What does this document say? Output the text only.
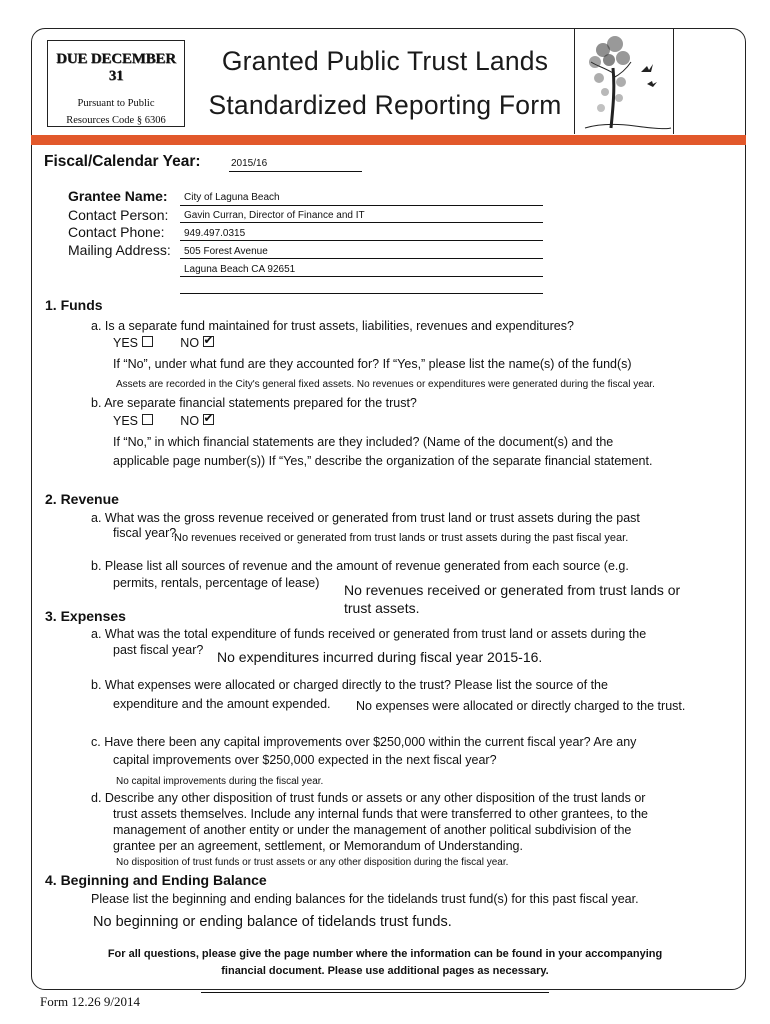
DUE DECEMBER 31
Pursuant to Public
Resources Code § 6306
Granted Public Trust Lands
Standardized Reporting Form
Fiscal/Calendar Year:	2015/16
Grantee Name: City of Laguna Beach
Contact Person: Gavin Curran, Director of Finance and IT
Contact Phone: 949.497.0315
Mailing Address: 505 Forest Avenue
Laguna Beach CA 92651
1. Funds
a. Is a separate fund maintained for trust assets, liabilities, revenues and expenditures?
YES	NO ✔
If “No”, under what fund are they accounted for? If “Yes,” please list the name(s) of the fund(s)
Assets are recorded in the City's general fixed assets. No revenues or expenditures were generated during the fiscal year.
b. Are separate financial statements prepared for the trust?
YES	NO ✔
If “No,” in which financial statements are they included? (Name of the document(s) and the
applicable page number(s)) If “Yes,” describe the organization of the separate financial statement.
2. Revenue
a. What was the gross revenue received or generated from trust land or trust assets during the past
fiscal year?
No revenues received or generated from trust lands or trust assets during the past fiscal year.
b. Please list all sources of revenue and the amount of revenue generated from each source (e.g.
permits, rentals, percentage of lease) No revenues received or generated from trust lands or
trust assets.
3. Expenses
a. What was the total expenditure of funds received or generated from trust land or assets during the
past fiscal year? No expenditures incurred during fiscal year 2015-16.
b. What expenses were allocated or charged directly to the trust? Please list the source of the
expenditure and the amount expended. No expenses were allocated or directly charged to the trust.
c. Have there been any capital improvements over $250,000 within the current fiscal year? Are any
capital improvements over $250,000 expected in the next fiscal year?
No capital improvements during the fiscal year.
d. Describe any other disposition of trust funds or assets or any other disposition of the trust lands or
trust assets themselves. Include any internal funds that were transferred to other grantees, to the
management of another entity or under the management of another political subdivision of the
grantee per an agreement, settlement, or Memorandum of Understanding.
No disposition of trust funds or trust assets or any other disposition during the fiscal year.
4. Beginning and Ending Balance
Please list the beginning and ending balances for the tidelands trust fund(s) for this past fiscal year.
No beginning or ending balance of tidelands trust funds.
For all questions, please give the page number where the information can be found in your accompanying
financial document. Please use additional pages as necessary.
Form 12.26 9/2014
